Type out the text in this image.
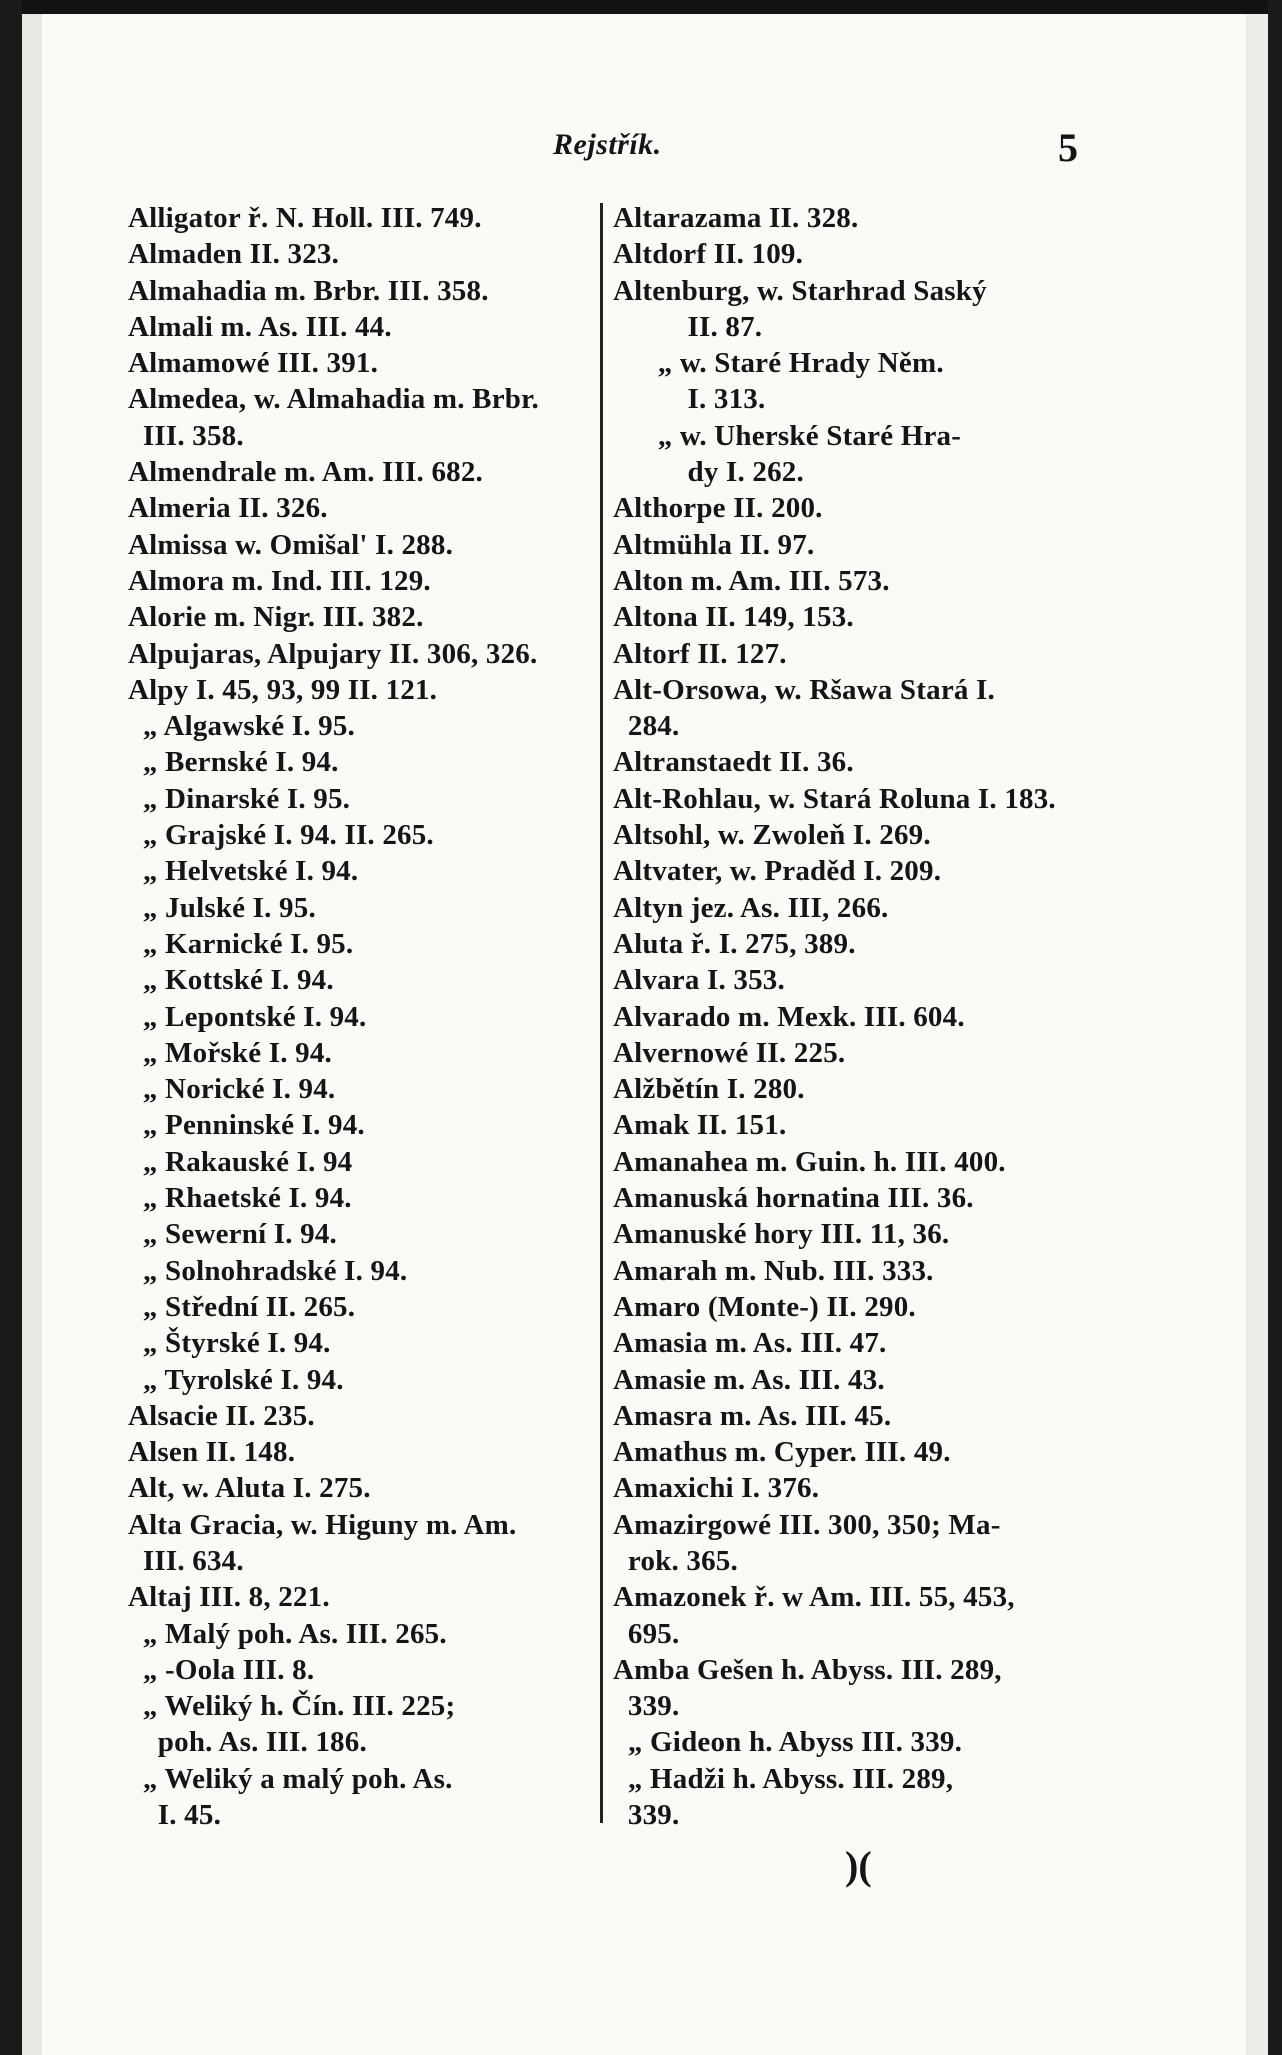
Rejstřík.	5
Alligator ř. N. Holl. III. 749.
Almaden II. 323.
Almahadia m. Brbr. III. 358.
Almali m. As. III. 44.
Almamowé III. 391.
Almedea, w. Almahadia m. Brbr.
III. 358.
Almendrale m. Am. III. 682.
Almeria II. 326.
Almissa w. Omišal' I. 288.
Almora m. Ind. III. 129.
Alorie m. Nigr. III. 382.
Alpujaras, Alpujary II. 306, 326.
Alpy I. 45, 93, 99 II. 121.
„ Algawské I. 95.
„ Bernské I. 94.
„ Dinarské I. 95.
„ Grajské I. 94. II. 265.
„ Helvetské I. 94.
„ Julské I. 95.
„ Karnické I. 95.
„ Kottské I. 94.
„ Lepontské I. 94.
„ Mořské I. 94.
„ Norické I. 94.
„ Penninské I. 94.
„ Rakauské I. 94
„ Rhaetské I. 94.
„ Sewerní I. 94.
„ Solnohradské I. 94.
„ Střední II. 265.
„ Štyrské I. 94.
„ Tyrolské I. 94.
Alsacie II. 235.
Alsen II. 148.
Alt, w. Aluta I. 275.
Alta Gracia, w. Higuny m. Am.
III. 634.
Altaj III. 8, 221.
„ Malý poh. As. III. 265.
„ -Oola III. 8.
„ Weliký h. Čín. III. 225;
poh. As. III. 186.
„ Weliký a malý poh. As.
I. 45.
Altarazama II. 328.
Altdorf II. 109.
Altenburg, w. Starhrad Saský
II. 87.
„ w. Staré Hrady Něm.
I. 313.
„ w. Uherské Staré Hra-
dy I. 262.
Althorpe II. 200.
Altmühla II. 97.
Alton m. Am. III. 573.
Altona II. 149, 153.
Altorf II. 127.
Alt-Orsowa, w. Ršawa Stará I.
284.
Altranstaedt II. 36.
Alt-Rohlau, w. Stará Roluna I. 183.
Altsohl, w. Zwoleň I. 269.
Altvater, w. Praděd I. 209.
Altyn jez. As. III, 266.
Aluta ř. I. 275, 389.
Alvara I. 353.
Alvarado m. Mexk. III. 604.
Alvernowé II. 225.
Alžbětín I. 280.
Amak II. 151.
Amanahea m. Guin. h. III. 400.
Amanuská hornatina III. 36.
Amanuské hory III. 11, 36.
Amarah m. Nub. III. 333.
Amaro (Monte-) II. 290.
Amasia m. As. III. 47.
Amasie m. As. III. 43.
Amasra m. As. III. 45.
Amathus m. Cyper. III. 49.
Amaxichi I. 376.
Amazirgowé III. 300, 350; Ma-
rok. 365.
Amazonek ř. w Am. III. 55, 453,
695.
Amba Gešen h. Abyss. III. 289,
339.
„ Gideon h. Abyss III. 339.
„ Hadži h. Abyss. III. 289,
339.
)(
